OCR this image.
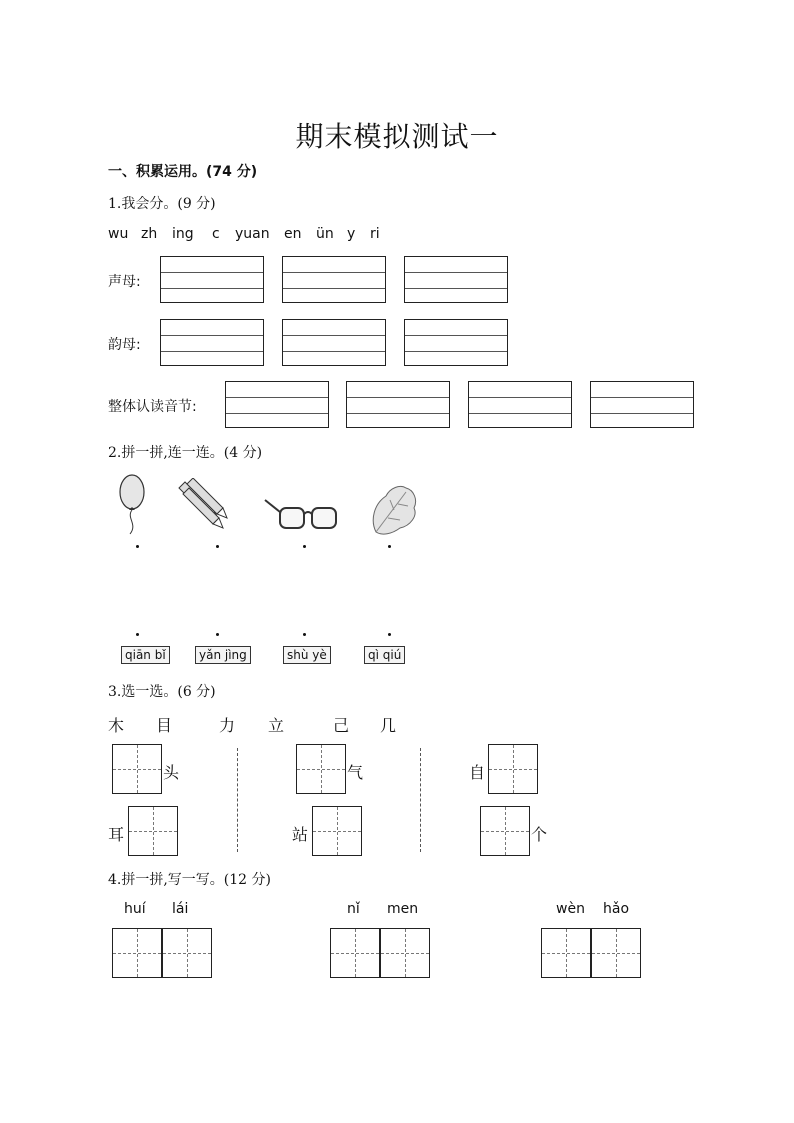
期末模拟测试一
一、积累运用。(74 分)
1.我会分。(9 分)
wu zh ing c yuan en ün y ri
声母:
韵母:
整体认读音节:
2.拼一拼,连一连。(4 分)
qiān bǐ	yǎn jìng	shù yè	qì qiú
3.选一选。(6 分)
木 目	力 立	己 几
头	气	自
耳	站	个
4.拼一拼,写一写。(12 分)
huí lái	nǐ men	wèn hǎo
